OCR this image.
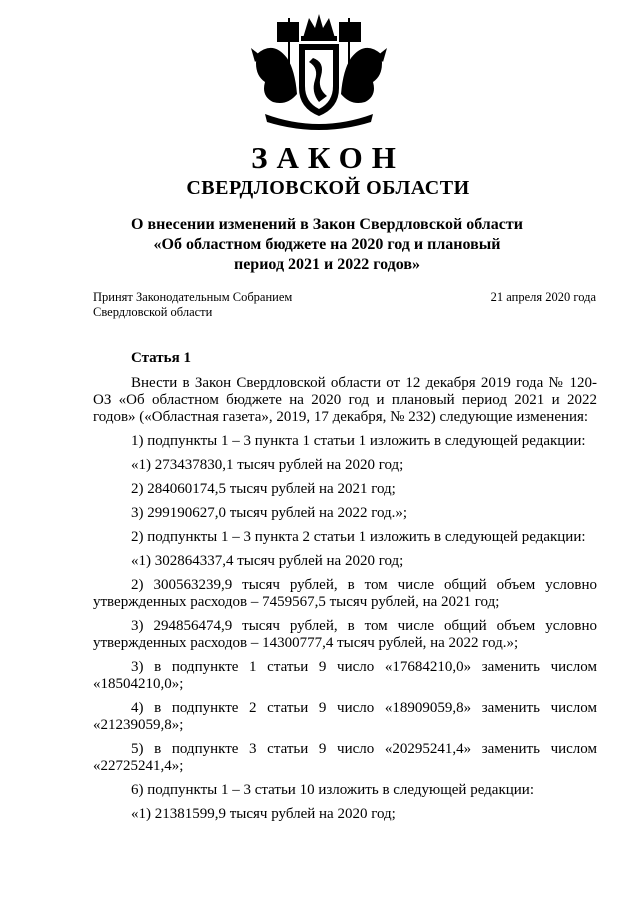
ЗАКОН
СВЕРДЛОВСКОЙ ОБЛАСТИ
О внесении изменений в Закон Свердловской области
«Об областном бюджете на 2020 год и плановый
период 2021 и 2022 годов»
Принят Законодательным Собранием
Свердловской области
21 апреля 2020 года
Статья 1
Внести в Закон Свердловской области от 12 декабря 2019 года № 120-ОЗ «Об областном бюджете на 2020 год и плановый период 2021 и 2022 годов» («Областная газета», 2019, 17 декабря, № 232) следующие изменения:
1) подпункты 1 – 3 пункта 1 статьи 1 изложить в следующей редакции:
«1) 273437830,1 тысяч рублей на 2020 год;
2) 284060174,5 тысяч рублей на 2021 год;
3) 299190627,0 тысяч рублей на 2022 год.»;
2) подпункты 1 – 3 пункта 2 статьи 1 изложить в следующей редакции:
«1) 302864337,4 тысяч рублей на 2020 год;
2) 300563239,9 тысяч рублей, в том числе общий объем условно утвержденных расходов – 7459567,5 тысяч рублей, на 2021 год;
3) 294856474,9 тысяч рублей, в том числе общий объем условно утвержденных расходов – 14300777,4 тысяч рублей, на 2022 год.»;
3) в подпункте 1 статьи 9 число «17684210,0» заменить числом «18504210,0»;
4) в подпункте 2 статьи 9 число «18909059,8» заменить числом «21239059,8»;
5) в подпункте 3 статьи 9 число «20295241,4» заменить числом «22725241,4»;
6) подпункты 1 – 3 статьи 10 изложить в следующей редакции:
«1) 21381599,9 тысяч рублей на 2020 год;
